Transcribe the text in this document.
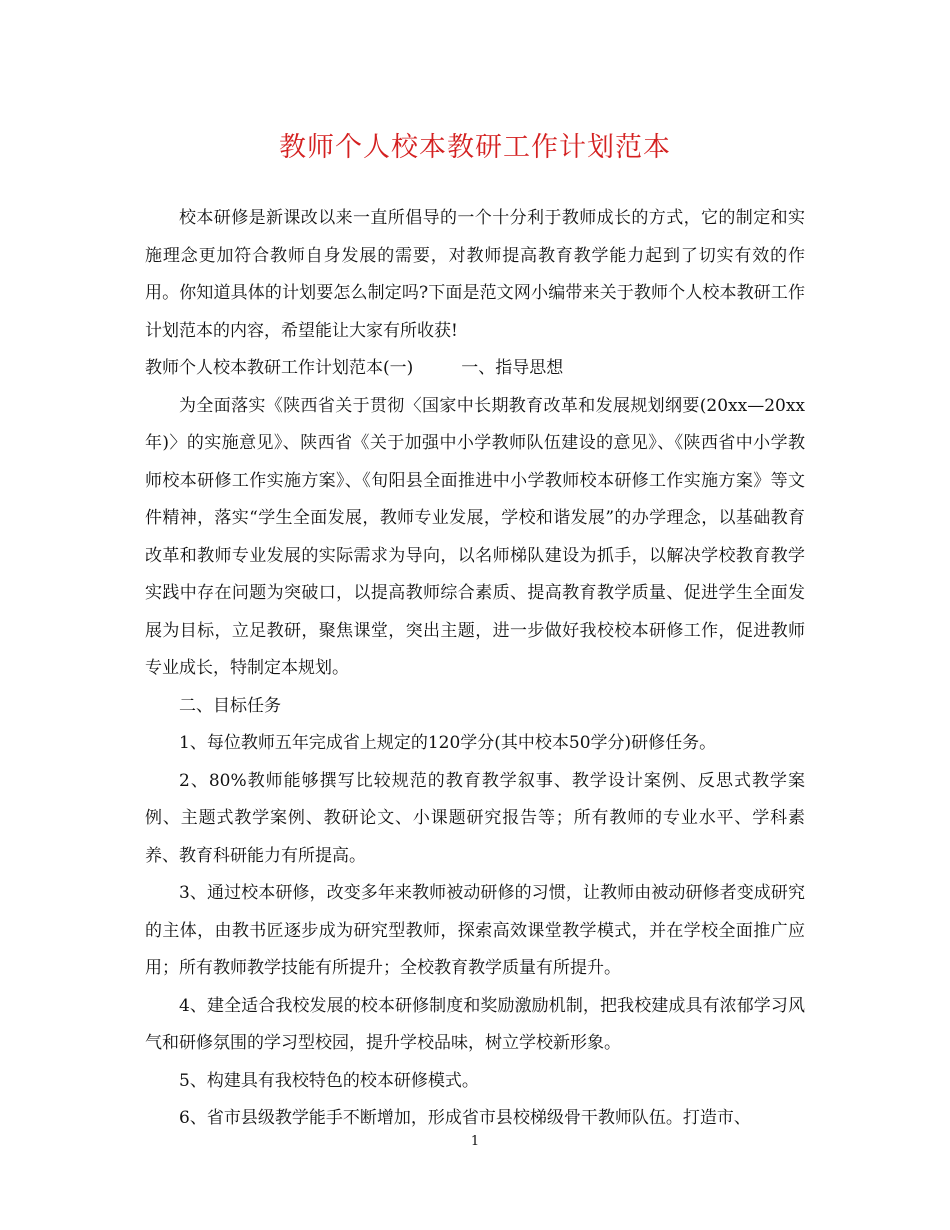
教师个人校本教研工作计划范本

校本研修是新课改以来一直所倡导的一个十分利于教师成长的方式，它的制定和实施理念更加符合教师自身发展的需要，对教师提高教育教学能力起到了切实有效的作用。你知道具体的计划要怎么制定吗?下面是范文网小编带来关于教师个人校本教研工作计划范本的内容，希望能让大家有所收获!

教师个人校本教研工作计划范本(一)	一、指导思想

为全面落实《陕西省关于贯彻〈国家中长期教育改革和发展规划纲要(20xx—20xx年)〉的实施意见》、陕西省《关于加强中小学教师队伍建设的意见》、《陕西省中小学教师校本研修工作实施方案》、《旬阳县全面推进中小学教师校本研修工作实施方案》等文件精神，落实“学生全面发展，教师专业发展，学校和谐发展”的办学理念，以基础教育改革和教师专业发展的实际需求为导向，以名师梯队建设为抓手，以解决学校教育教学实践中存在问题为突破口，以提高教师综合素质、提高教育教学质量、促进学生全面发展为目标，立足教研，聚焦课堂，突出主题，进一步做好我校校本研修工作，促进教师专业成长，特制定本规划。

二、目标任务

1、每位教师五年完成省上规定的120学分(其中校本50学分)研修任务。

2、80%教师能够撰写比较规范的教育教学叙事、教学设计案例、反思式教学案例、主题式教学案例、教研论文、小课题研究报告等；所有教师的专业水平、学科素养、教育科研能力有所提高。

3、通过校本研修，改变多年来教师被动研修的习惯，让教师由被动研修者变成研究的主体，由教书匠逐步成为研究型教师，探索高效课堂教学模式，并在学校全面推广应用；所有教师教学技能有所提升；全校教育教学质量有所提升。

4、建全适合我校发展的校本研修制度和奖励激励机制，把我校建成具有浓郁学习风气和研修氛围的学习型校园，提升学校品味，树立学校新形象。

5、构建具有我校特色的校本研修模式。

6、省市县级教学能手不断增加，形成省市县校梯级骨干教师队伍。打造市、

1
